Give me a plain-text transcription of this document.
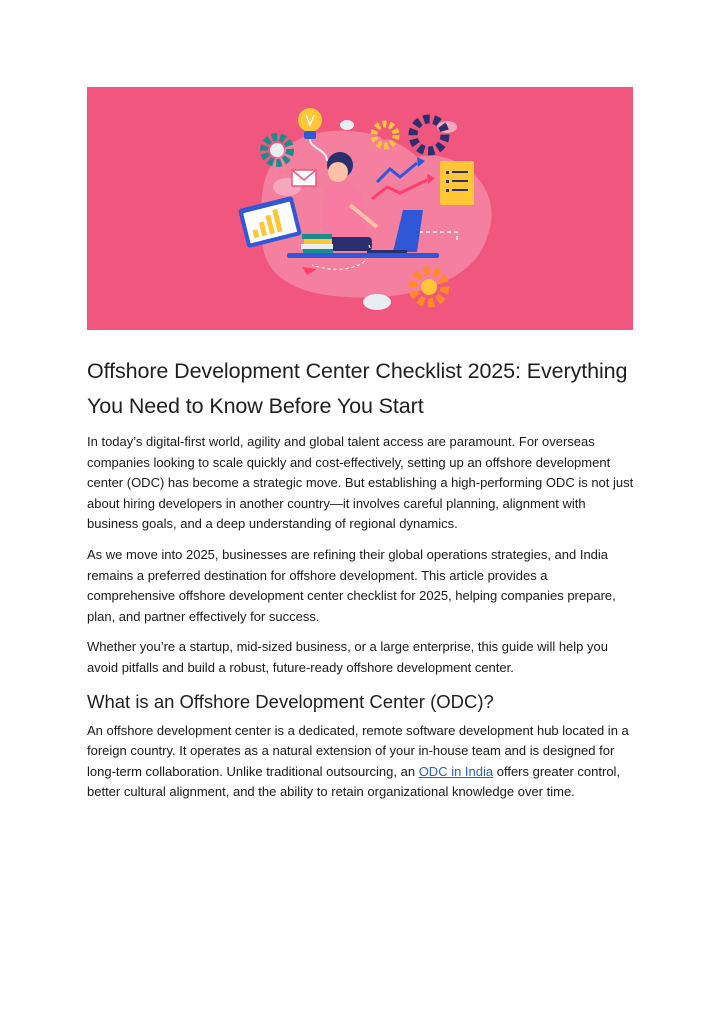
Offshore Development Center Checklist 2025: Everything You Need to Know Before You Start

In today’s digital-first world, agility and global talent access are paramount. For overseas companies looking to scale quickly and cost-effectively, setting up an offshore development center (ODC) has become a strategic move. But establishing a high-performing ODC is not just about hiring developers in another country—it involves careful planning, alignment with business goals, and a deep understanding of regional dynamics.

As we move into 2025, businesses are refining their global operations strategies, and India remains a preferred destination for offshore development. This article provides a comprehensive offshore development center checklist for 2025, helping companies prepare, plan, and partner effectively for success.

Whether you’re a startup, mid-sized business, or a large enterprise, this guide will help you avoid pitfalls and build a robust, future-ready offshore development center.

What is an Offshore Development Center (ODC)?

An offshore development center is a dedicated, remote software development hub located in a foreign country. It operates as a natural extension of your in-house team and is designed for long-term collaboration. Unlike traditional outsourcing, an ODC in India offers greater control, better cultural alignment, and the ability to retain organizational knowledge over time.
